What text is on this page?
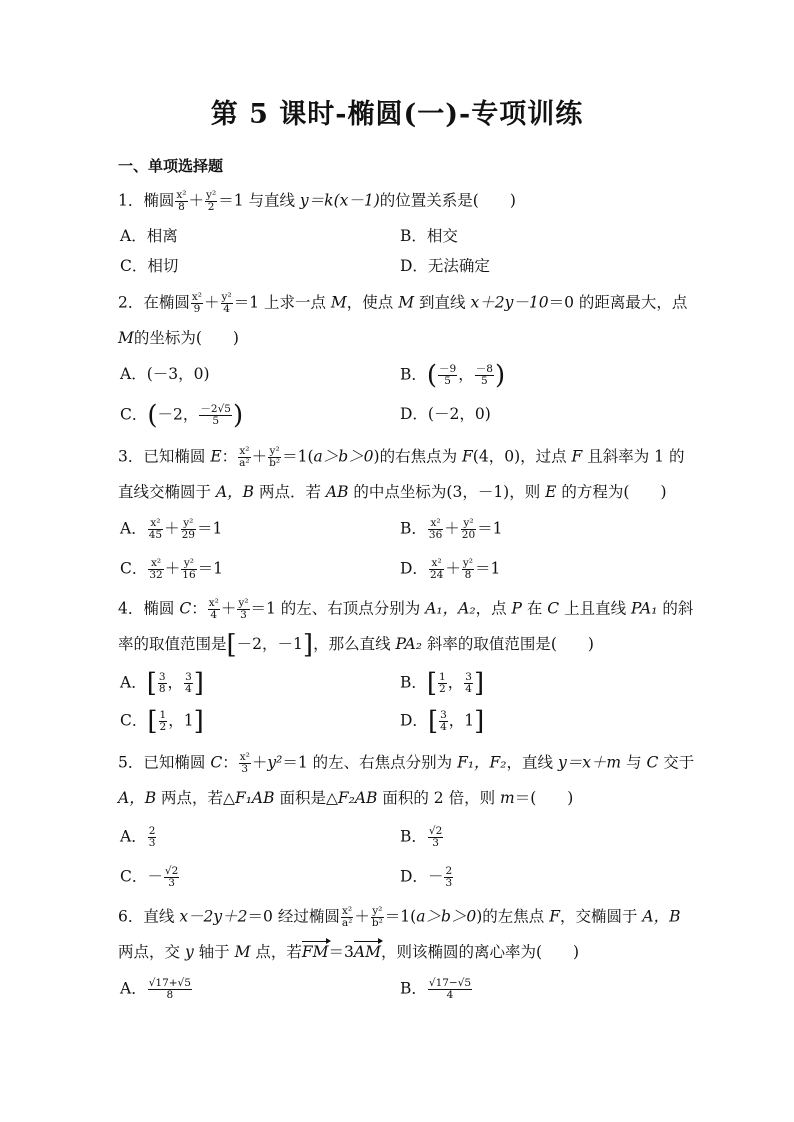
第 5 课时-椭圆(一)-专项训练
一、单项选择题
1．椭圆 $\frac{\text{x²}}{8} + \frac{\text{y²}}{2} =1$ 与直线 y＝k(x－1)的位置关系是(　　)
A．相离	B．相交
C．相切	D．无法确定
2．在椭圆 $\frac{\text{x²}}{9} + \frac{\text{y²}}{4} =1$ 上求一点 M，使点 M 到直线 x＋2y－10＝0 的距离最大，点
M的坐标为(　　)
A．(－3，0)	B．( $\frac{-9}{5}$ ， $\frac{-8}{5}$ )
C．(－2， $\frac{-2√5}{5}$ )	D．(－2，0)
3．已知椭圆 E： $\frac{\text{x²}}{\text{a²}} + \frac{\text{y²}}{\text{b²}} =1(a>b>0)$的右焦点为 F(4，0)，过点 F 且斜率为 1 的
直线交椭圆于 A，B 两点．若 AB 的中点坐标为(3，－1)，则 E 的方程为(　　)
A． $\frac{\text{x²}}{45} + \frac{\text{y²}}{29} =1$	B． $\frac{\text{x²}}{36} + \frac{\text{y²}}{20} =1$
C． $\frac{\text{x²}}{32} + \frac{\text{y²}}{16} =1$	D． $\frac{\text{x²}}{24} + \frac{\text{y²}}{8} =1$
4．椭圆 C： $\frac{\text{x²}}{4} + \frac{\text{y²}}{3} =1$ 的左、右顶点分别为 A₁，A₂，点 P 在 C 上且直线 PA₁ 的斜
率的取值范围是[－2，－1]，那么直线 PA₂ 斜率的取值范围是(　　)
A．[ $\frac{3}{8}$ ， $\frac{3}{4}$ ]	B．[ $\frac{1}{2}$ ， $\frac{3}{4}$ ]
C．[ $\frac{1}{2}$ ，1]	D．[ $\frac{3}{4}$ ，1]
5．已知椭圆 C： $\frac{\text{x²}}{3} +y^2=1$ 的左、右焦点分别为 F₁，F₂，直线 y＝x＋m 与 C 交于
A，B 两点，若△F₁AB 面积是△F₂AB 面积的 2 倍，则 m＝(　　)
A． $\frac{2}{3}$	B． $\frac{√2}{3}$
C．－ $\frac{√2}{3}$	D．－ $\frac{2}{3}$
6．直线 x－2y＋2＝0 经过椭圆 $\frac{\text{x²}}{\text{a²}} + \frac{\text{y²}}{\text{b²}} =1(a>b>0)$的左焦点 F，交椭圆于 A，B
两点，交 y 轴于 M 点，若FM＝3AM，则该椭圆的离心率为(　　)
A． $\frac{√17+√5}{8}$	B． $\frac{√17-√5}{4}$
